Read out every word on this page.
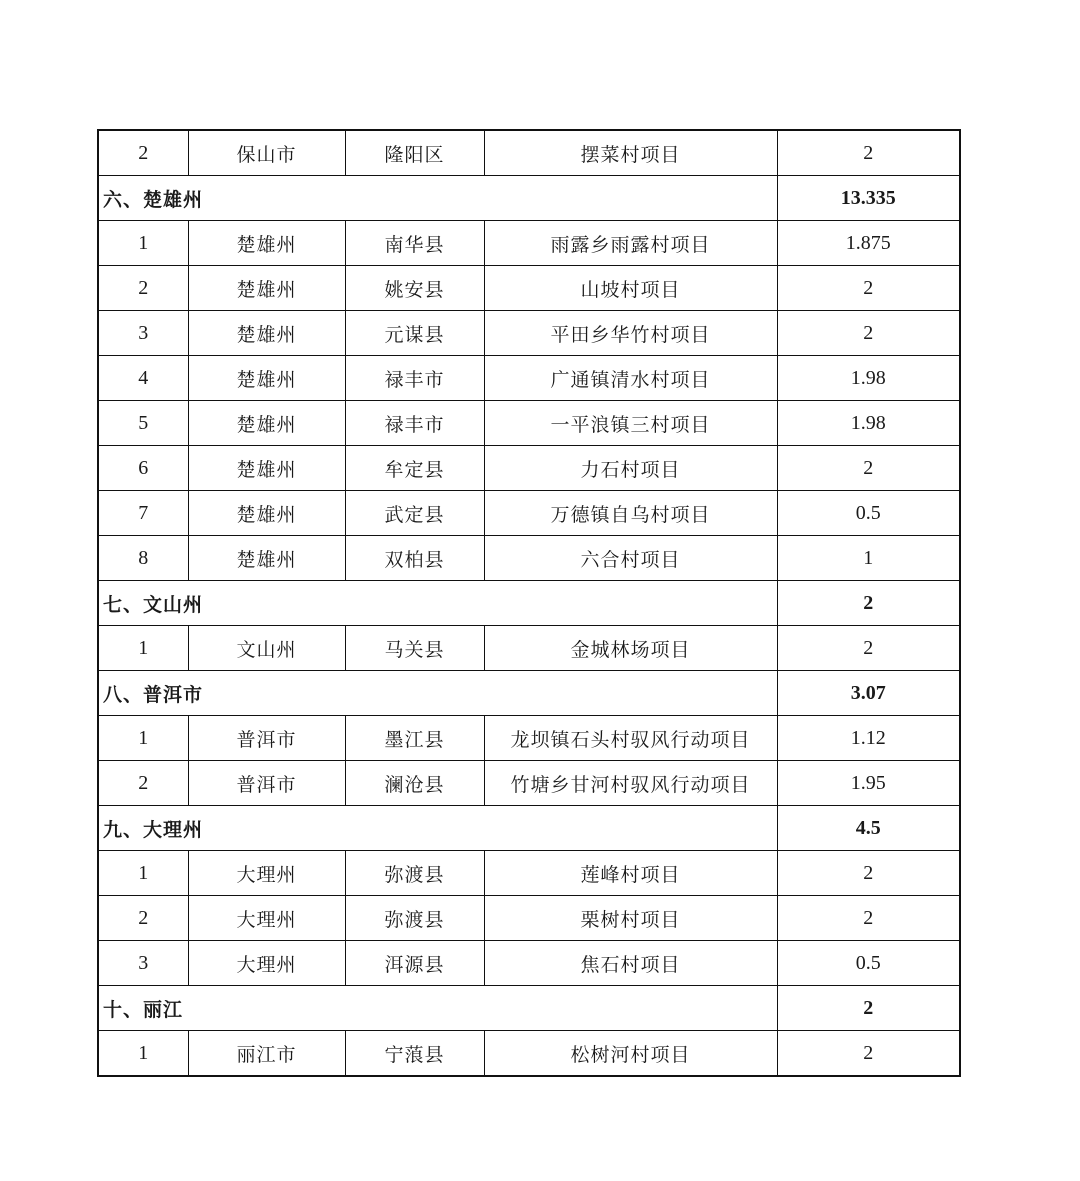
2	保山市	隆阳区	摆菜村项目	2
六、楚雄州				13.335
1	楚雄州	南华县	雨露乡雨露村项目	1.875
2	楚雄州	姚安县	山坡村项目	2
3	楚雄州	元谋县	平田乡华竹村项目	2
4	楚雄州	禄丰市	广通镇清水村项目	1.98
5	楚雄州	禄丰市	一平浪镇三村项目	1.98
6	楚雄州	牟定县	力石村项目	2
7	楚雄州	武定县	万德镇自乌村项目	0.5
8	楚雄州	双柏县	六合村项目	1
七、文山州				2
1	文山州	马关县	金城林场项目	2
八、普洱市				3.07
1	普洱市	墨江县	龙坝镇石头村驭风行动项目	1.12
2	普洱市	澜沧县	竹塘乡甘河村驭风行动项目	1.95
九、大理州				4.5
1	大理州	弥渡县	莲峰村项目	2
2	大理州	弥渡县	栗树村项目	2
3	大理州	洱源县	焦石村项目	0.5
十、丽江				2
1	丽江市	宁蒗县	松树河村项目	2
